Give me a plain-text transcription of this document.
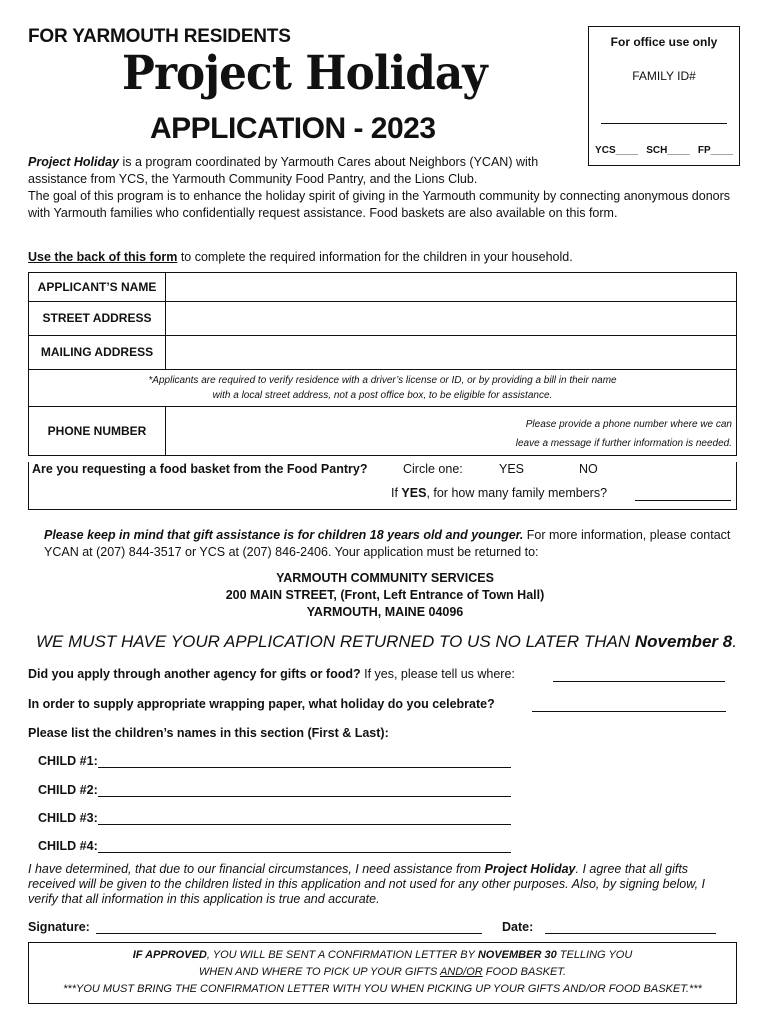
FOR YARMOUTH RESIDENTS
Project Holiday
APPLICATION - 2023
For office use only
FAMILY ID#
YCS____ SCH____ FP____
Project Holiday is a program coordinated by Yarmouth Cares about Neighbors (YCAN) with assistance from YCS, the Yarmouth Community Food Pantry, and the Lions Club.
The goal of this program is to enhance the holiday spirit of giving in the Yarmouth community by connecting anonymous donors with Yarmouth families who confidentially request assistance. Food baskets are also available on this form.
Use the back of this form to complete the required information for the children in your household.
APPLICANT’S NAME
STREET ADDRESS
MAILING ADDRESS
*Applicants are required to verify residence with a driver’s license or ID, or by providing a bill in their name
with a local street address, not a post office box, to be eligible for assistance.
PHONE NUMBER	Please provide a phone number where we can
leave a message if further information is needed.
Are you requesting a food basket from the Food Pantry?	Circle one:	YES	NO
If YES, for how many family members?
Please keep in mind that gift assistance is for children 18 years old and younger. For more information, please contact YCAN at (207) 844-3517 or YCS at (207) 846-2406. Your application must be returned to:
YARMOUTH COMMUNITY SERVICES
200 MAIN STREET, (Front, Left Entrance of Town Hall)
YARMOUTH, MAINE 04096
WE MUST HAVE YOUR APPLICATION RETURNED TO US NO LATER THAN November 8.
Did you apply through another agency for gifts or food? If yes, please tell us where:
In order to supply appropriate wrapping paper, what holiday do you celebrate?
Please list the children’s names in this section (First & Last):
CHILD #1:
CHILD #2:
CHILD #3:
CHILD #4:
I have determined, that due to our financial circumstances, I need assistance from Project Holiday. I agree that all gifts received will be given to the children listed in this application and not used for any other purposes. Also, by signing below, I verify that all information in this application is true and accurate.
Signature:	Date:
IF APPROVED, YOU WILL BE SENT A CONFIRMATION LETTER BY NOVEMBER 30 TELLING YOU
WHEN AND WHERE TO PICK UP YOUR GIFTS AND/OR FOOD BASKET.
***YOU MUST BRING THE CONFIRMATION LETTER WITH YOU WHEN PICKING UP YOUR GIFTS AND/OR FOOD BASKET.***
